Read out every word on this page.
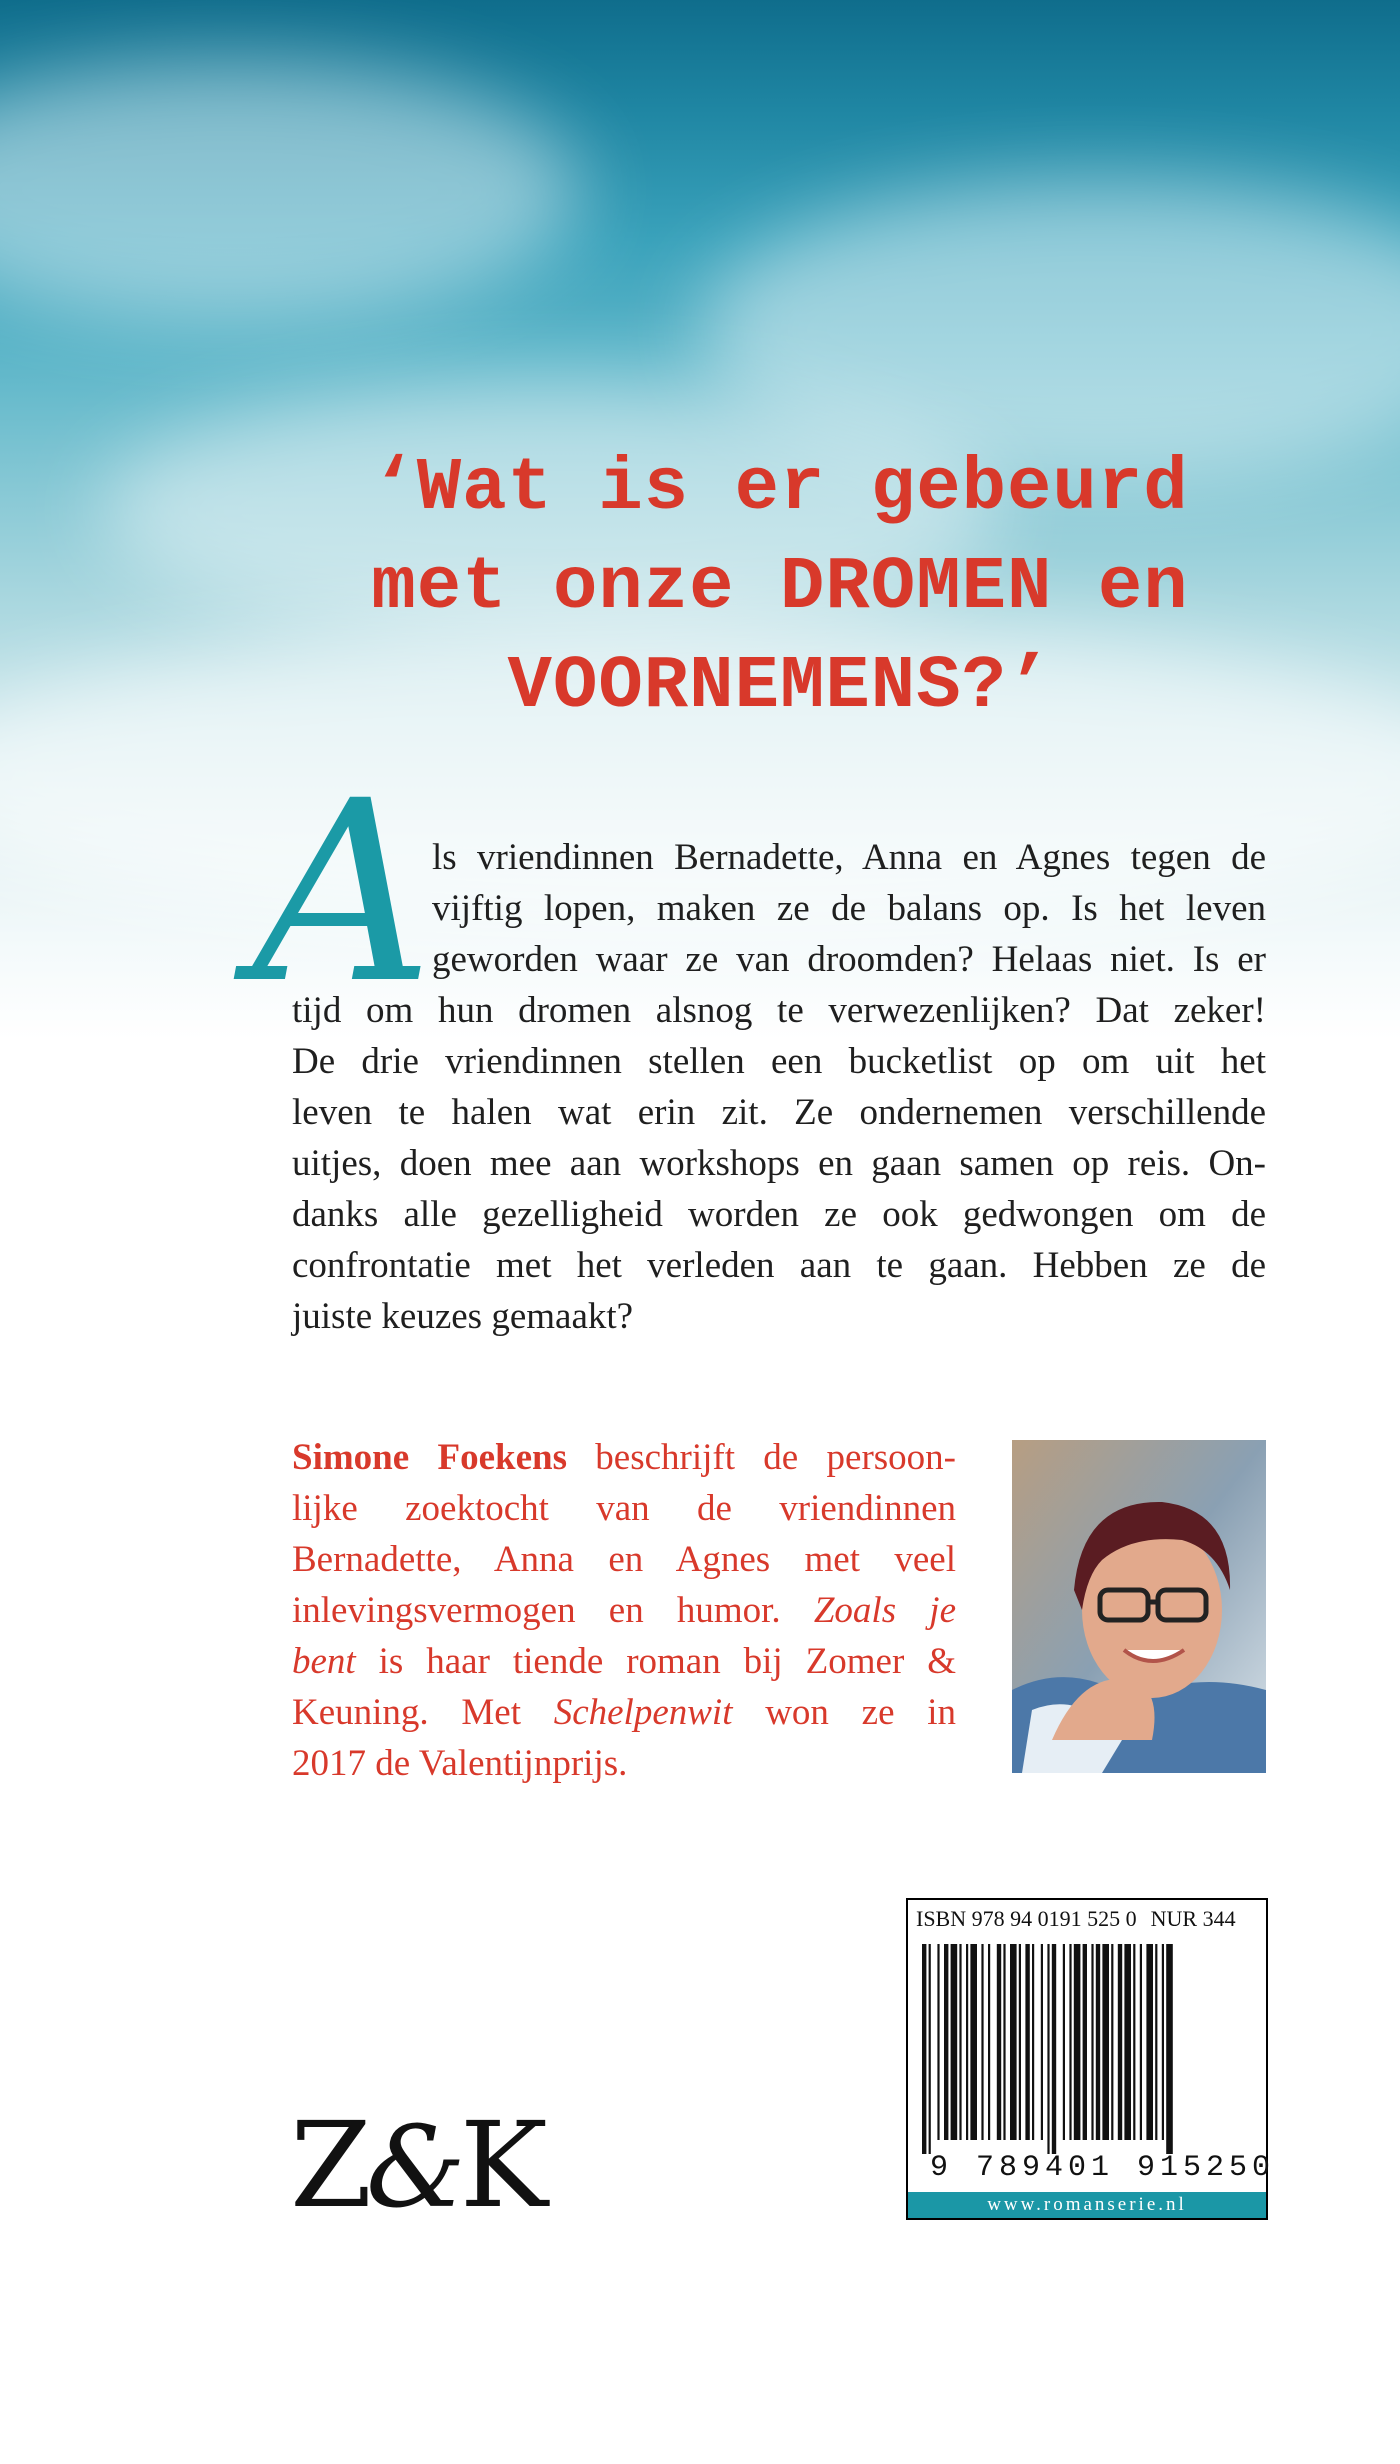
‘Wat is er gebeurd
met onze DROMEN en
VOORNEMENS?’
A
ls vriendinnen Bernadette, Anna en Agnes tegen de
vijftig lopen, maken ze de balans op. Is het leven
geworden waar ze van droomden? Helaas niet. Is er
tijd om hun dromen alsnog te verwezenlijken? Dat zeker!
De drie vriendinnen stellen een bucketlist op om uit het
leven te halen wat erin zit. Ze ondernemen verschillende
uitjes, doen mee aan workshops en gaan samen op reis. On-
danks alle gezelligheid worden ze ook gedwongen om de
confrontatie met het verleden aan te gaan. Hebben ze de
juiste keuzes gemaakt?
Simone Foekens beschrijft de persoon-
lijke zoektocht van de vriendinnen
Bernadette, Anna en Agnes met veel
inlevingsvermogen en humor. Zoals je
bent is haar tiende roman bij Zomer &
Keuning. Met Schelpenwit won ze in
2017 de Valentijnprijs.
Z&K
ISBN 978 94 0191 525 0 NUR 344
9 789401 915250
www.romanserie.nl
